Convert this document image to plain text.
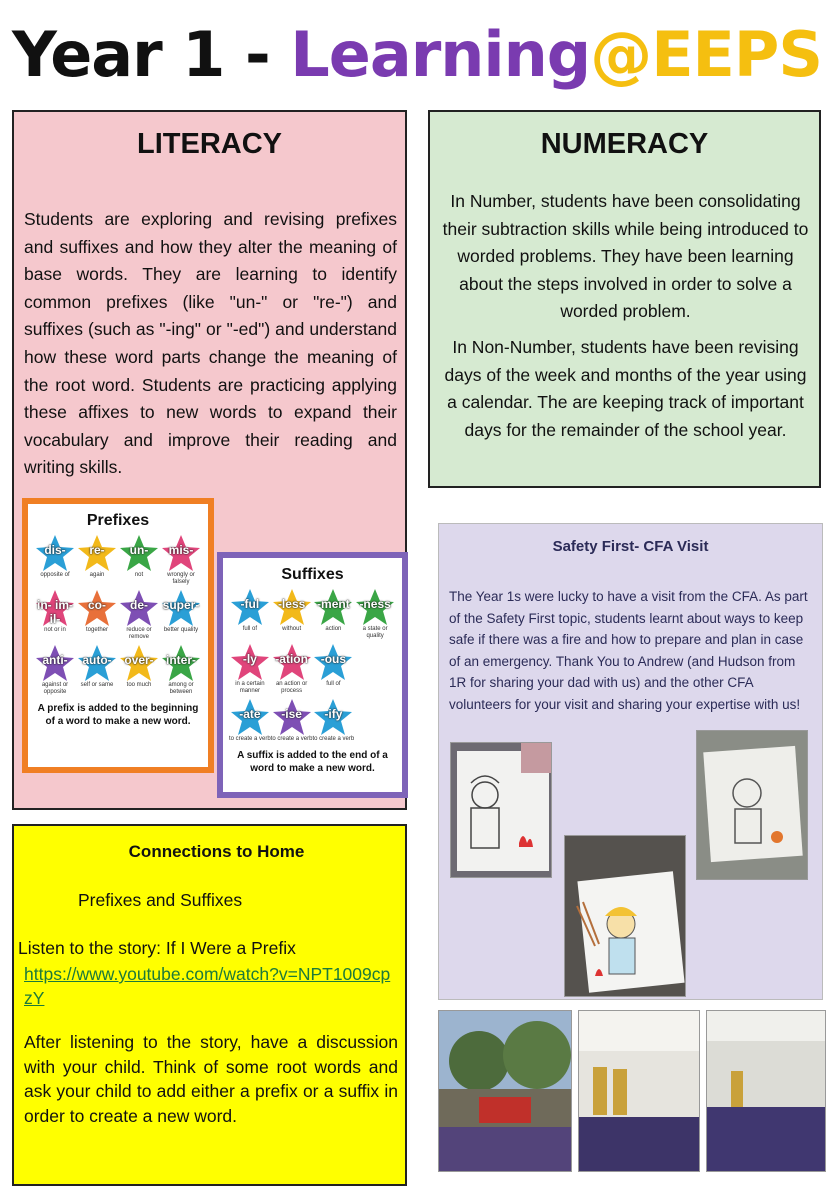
Year 1 - Learning@EEPS
LITERACY
Students are exploring and revising prefixes and suffixes and how they alter the meaning of base words. They are learning to identify common prefixes (like "un-" or "re-") and suffixes (such as "-ing" or "-ed") and understand how these word parts change the meaning of the root word. Students are practicing applying these affixes to new words to expand their vocabulary and improve their reading and writing skills.
Prefixes
dis-
opposite of
re-
again
un-
not
mis-
wrongly or falsely
in- im- il-
not or in
co-
together
de-
reduce or remove
super-
better quality
anti-
against or opposite
auto-
self or same
over-
too much
inter-
among or between
A prefix is added to the beginning of a word to make a new word.
Suffixes
-ful
full of
-less
without
-ment
action
-ness
a state or quality
-ly
in a certain manner
-ation
an action or process
-ous
full of
-ate
to create a verb
-ise
to create a verb
-ify
to create a verb
A suffix is added to the end of a word to make a new word.
NUMERACY

In Number, students have been consolidating their subtraction skills while being introduced to worded problems. They have been learning about the steps involved in order to solve a worded problem.

In Non-Number, students have been revising days of the week and months of the year using a calendar. The are keeping track of important days for the remainder of the school year.

Connections to Home
Prefixes and Suffixes
Listen to the story: If I Were a Prefix
https://www.youtube.com/watch?v=NPT1009cpzY
After listening to the story, have a discussion with your child. Think of some root words and ask your child to add either a prefix or a suffix in order to create a new word.
Safety First- CFA Visit
The Year 1s were lucky to have a visit from the CFA. As part of the Safety First topic, students learnt about ways to keep safe if there was a fire and how to prepare and plan in case of an emergency. Thank You to Andrew (and Hudson from 1R for sharing your dad with us) and the other CFA volunteers for your visit and sharing your expertise with us!
